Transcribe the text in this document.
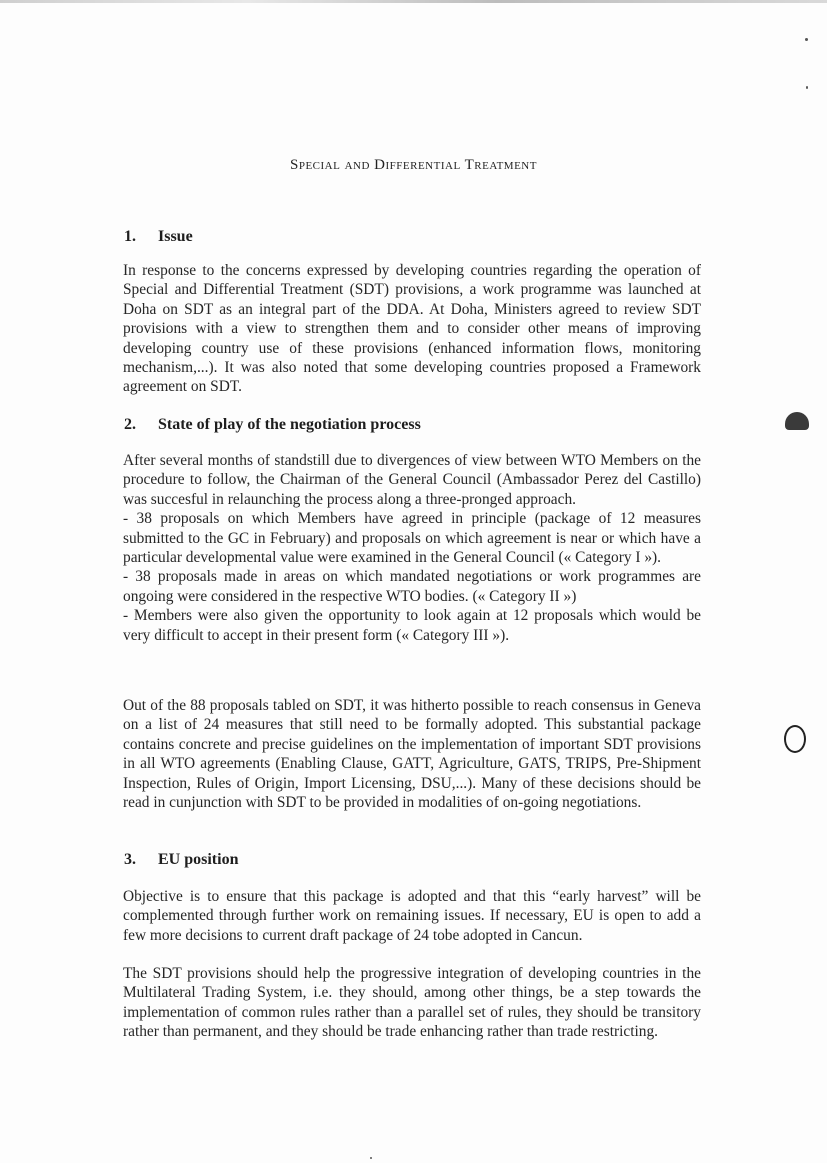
Special and Differential Treatment
1. Issue

In response to the concerns expressed by developing countries regarding the operation of Special and Differential Treatment (SDT) provisions, a work programme was launched at Doha on SDT as an integral part of the DDA. At Doha, Ministers agreed to review SDT provisions with a view to strengthen them and to consider other means of improving developing country use of these provisions (enhanced information flows, monitoring mechanism,...). It was also noted that some developing countries proposed a Framework agreement on SDT.

2. State of play of the negotiation process

After several months of standstill due to divergences of view between WTO Members on the procedure to follow, the Chairman of the General Council (Ambassador Perez del Castillo) was succesful in relaunching the process along a three-pronged approach.

- 38 proposals on which Members have agreed in principle (package of 12 measures submitted to the GC in February) and proposals on which agreement is near or which have a particular developmental value were examined in the General Council (« Category I »).

- 38 proposals made in areas on which mandated negotiations or work programmes are ongoing were considered in the respective WTO bodies. (« Category II »)

- Members were also given the opportunity to look again at 12 proposals which would be very difficult to accept in their present form (« Category III »).

Out of the 88 proposals tabled on SDT, it was hitherto possible to reach consensus in Geneva on a list of 24 measures that still need to be formally adopted. This substantial package contains concrete and precise guidelines on the implementation of important SDT provisions in all WTO agreements (Enabling Clause, GATT, Agriculture, GATS, TRIPS, Pre-Shipment Inspection, Rules of Origin, Import Licensing, DSU,...). Many of these decisions should be read in cunjunction with SDT to be provided in modalities of on-going negotiations.

3. EU position

Objective is to ensure that this package is adopted and that this “early harvest” will be complemented through further work on remaining issues. If necessary, EU is open to add a few more decisions to current draft package of 24 tobe adopted in Cancun.

The SDT provisions should help the progressive integration of developing countries in the Multilateral Trading System, i.e. they should, among other things, be a step towards the implementation of common rules rather than a parallel set of rules, they should be transitory rather than permanent, and they should be trade enhancing rather than trade restricting.
